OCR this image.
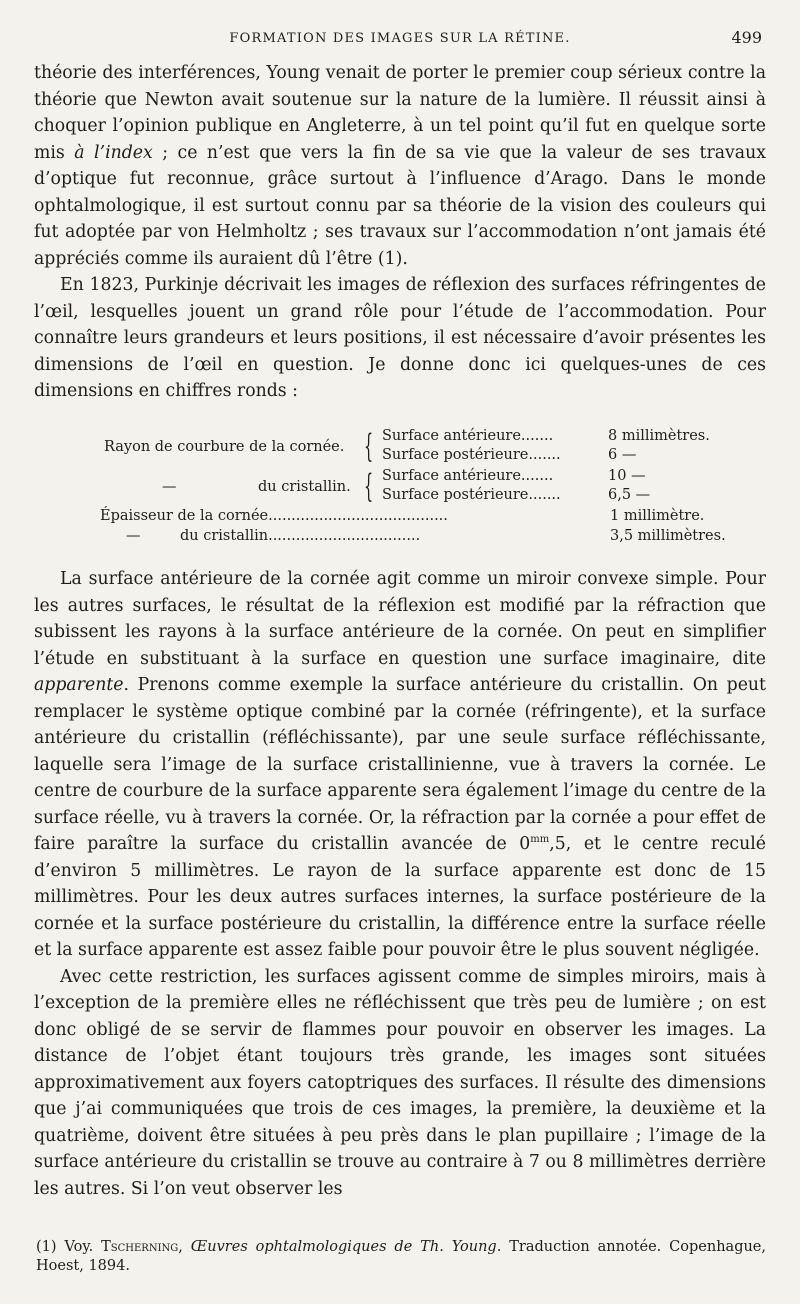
FORMATION DES IMAGES SUR LA RÉTINE.	499

théorie des interférences, Young venait de porter le premier coup sérieux contre la théorie que Newton avait soutenue sur la nature de la lumière. Il réussit ainsi à choquer l’opinion publique en Angleterre, à un tel point qu’il fut en quelque sorte mis à l’index ; ce n’est que vers la fin de sa vie que la valeur de ses travaux d’optique fut reconnue, grâce surtout à l’influence d’Arago. Dans le monde ophtalmologique, il est surtout connu par sa théorie de la vision des couleurs qui fut adoptée par von Helmholtz ; ses travaux sur l’accommodation n’ont jamais été appréciés comme ils auraient dû l’être (1).

En 1823, Purkinje décrivait les images de réflexion des surfaces réfringentes de l’œil, lesquelles jouent un grand rôle pour l’étude de l’accommodation. Pour connaître leurs grandeurs et leurs positions, il est nécessaire d’avoir présentes les dimensions de l’œil en question. Je donne donc ici quelques-unes de ces dimensions en chiffres ronds :

Rayon de courbure de la cornée. { Surface antérieure.......	8 millimètres.
Surface postérieure.......	6 —
—	du cristallin. { Surface antérieure.......	10 —
Surface postérieure.......	6,5 —
Épaisseur de la cornée.......................................	1 millimètre.
—	du cristallin.................................	3,5 millimètres.

La surface antérieure de la cornée agit comme un miroir convexe simple. Pour les autres surfaces, le résultat de la réflexion est modifié par la réfraction que subissent les rayons à la surface antérieure de la cornée. On peut en simplifier l’étude en substituant à la surface en question une surface imaginaire, dite apparente. Prenons comme exemple la surface antérieure du cristallin. On peut remplacer le système optique combiné par la cornée (réfringente), et la surface antérieure du cristallin (réfléchissante), par une seule surface réfléchissante, laquelle sera l’image de la surface cristallinienne, vue à travers la cornée. Le centre de courbure de la surface apparente sera également l’image du centre de la surface réelle, vu à travers la cornée. Or, la réfraction par la cornée a pour effet de faire paraître la surface du cristallin avancée de $0^{mm},5$, et le centre reculé d’environ 5 millimètres. Le rayon de la surface apparente est donc de 15 millimètres. Pour les deux autres surfaces internes, la surface postérieure de la cornée et la surface postérieure du cristallin, la différence entre la surface réelle et la surface apparente est assez faible pour pouvoir être le plus souvent négligée.

Avec cette restriction, les surfaces agissent comme de simples miroirs, mais à l’exception de la première elles ne réfléchissent que très peu de lumière ; on est donc obligé de se servir de flammes pour pouvoir en observer les images. La distance de l’objet étant toujours très grande, les images sont situées approximativement aux foyers catoptriques des surfaces. Il résulte des dimensions que j’ai communiquées que trois de ces images, la première, la deuxième et la quatrième, doivent être situées à peu près dans le plan pupillaire ; l’image de la surface antérieure du cristallin se trouve au contraire à 7 ou 8 millimètres derrière les autres. Si l’on veut observer les

(1) Voy. Tscherning, Œuvres ophtalmologiques de Th. Young. Traduction annotée. Copenhague, Hoest, 1894.
